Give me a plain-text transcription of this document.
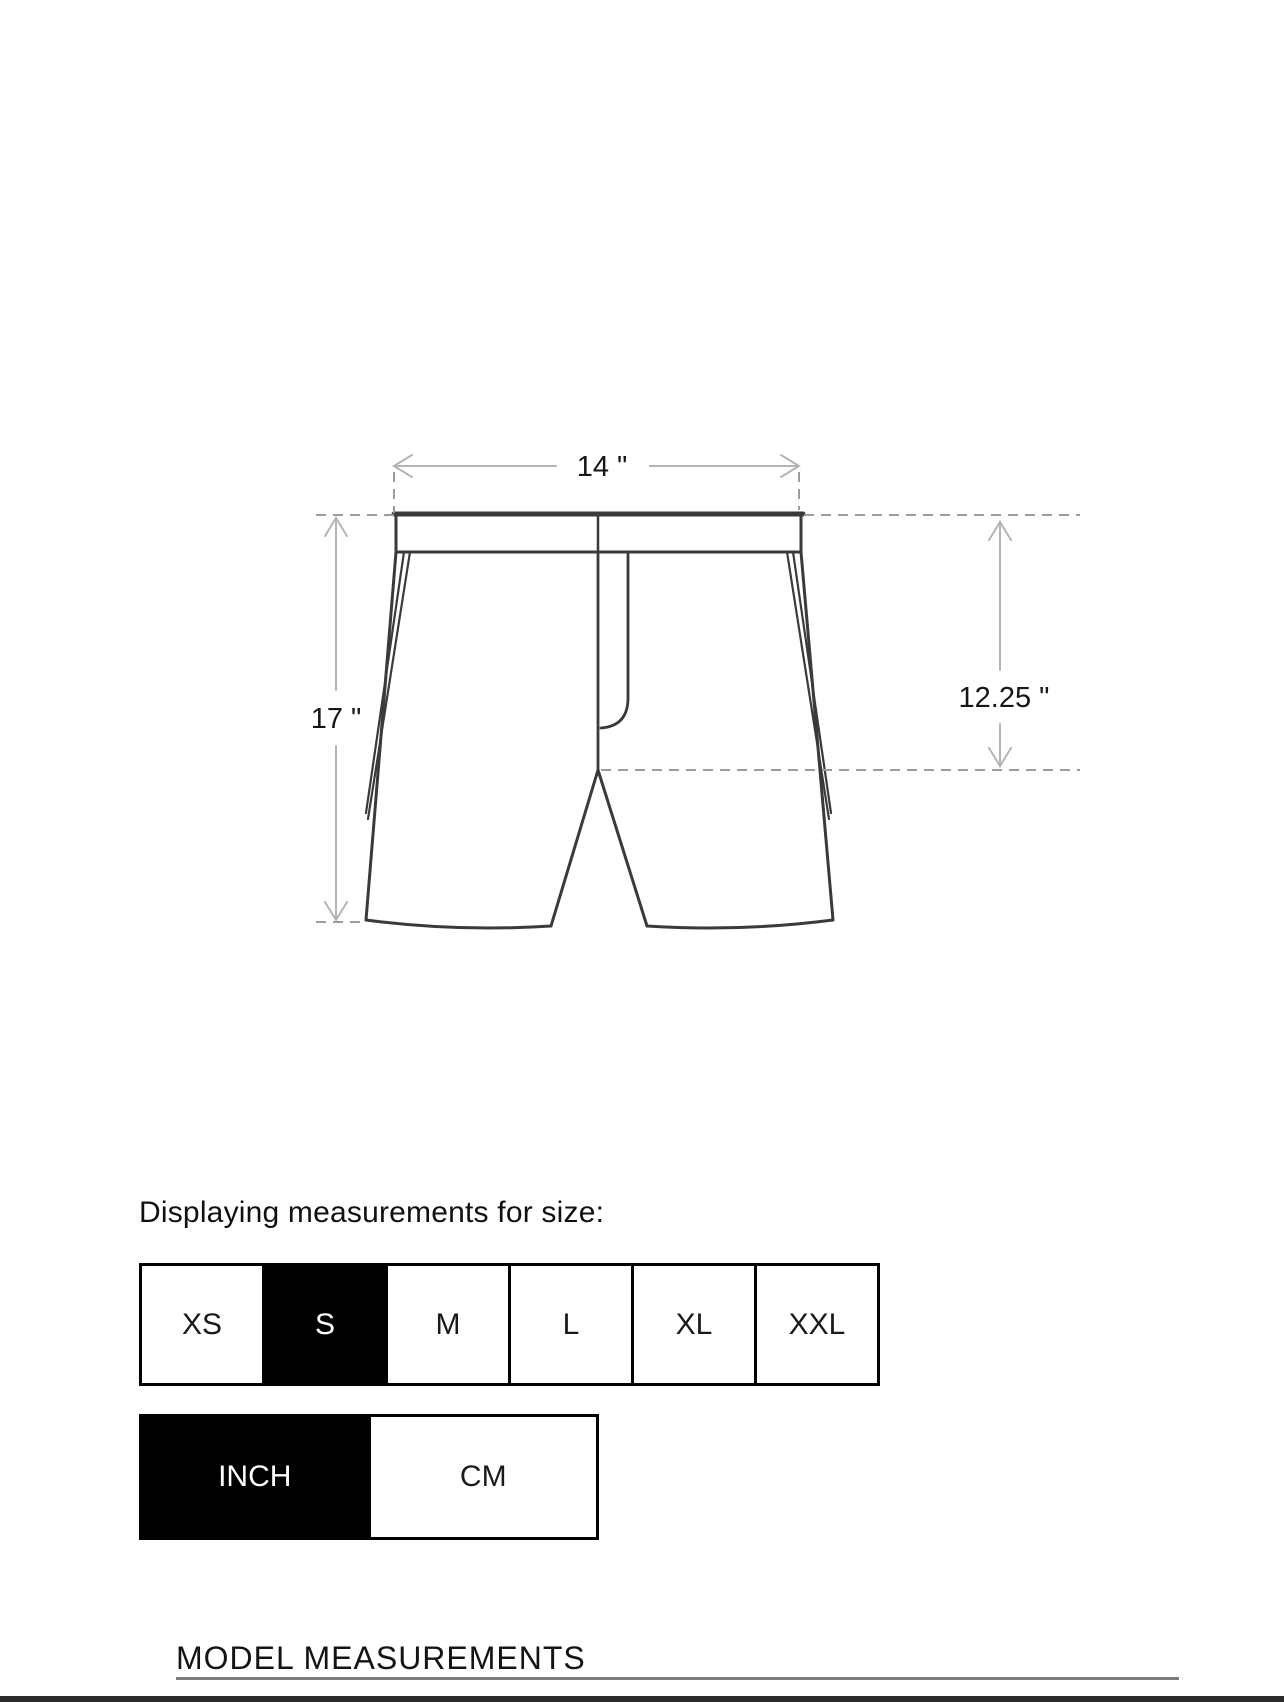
14 "
17 "
12.25 "
Displaying measurements for size:
XS	S	M	L	XL	XXL
INCH	CM
MODEL MEASUREMENTS
